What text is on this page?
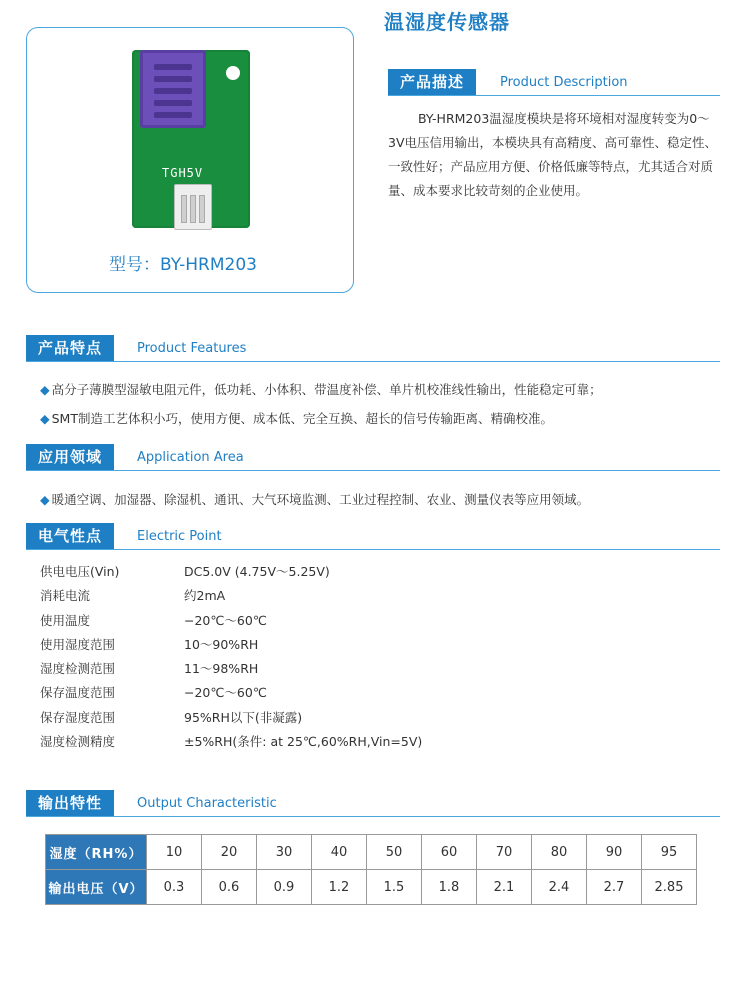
温湿度传感器
TGH5V
型号：BY-HRM203
产品描述	Product Description
BY-HRM203温湿度模块是将环境相对湿度转变为0～3V电压信用输出，本模块具有高精度、高可靠性、稳定性、一致性好；产品应用方便、价格低廉等特点，尤其适合对质量、成本要求比较苛刻的企业使用。
产品特点	Product Features
◆ 高分子薄膜型湿敏电阻元件，低功耗、小体积、带温度补偿、单片机校准线性输出，性能稳定可靠；
◆ SMT制造工艺体积小巧，使用方便、成本低、完全互换、超长的信号传输距离、精确校准。
应用领域	Application Area
◆ 暖通空调、加湿器、除湿机、通讯、大气环境监测、工业过程控制、农业、测量仪表等应用领域。
电气性点	Electric Point
供电电压(Vin)	DC5.0V (4.75V～5.25V)
消耗电流	约2mA
使用温度	−20℃～60℃
使用湿度范围	10～90%RH
湿度检测范围	11～98%RH
保存温度范围	−20℃～60℃
保存湿度范围	95%RH以下(非凝露)
湿度检测精度	±5%RH(条件: at 25℃,60%RH,Vin=5V)
输出特性	Output Characteristic
湿度（RH%）	10	20	30	40	50	60	70	80	90	95
输出电压（V）	0.3	0.6	0.9	1.2	1.5	1.8	2.1	2.4	2.7	2.85
